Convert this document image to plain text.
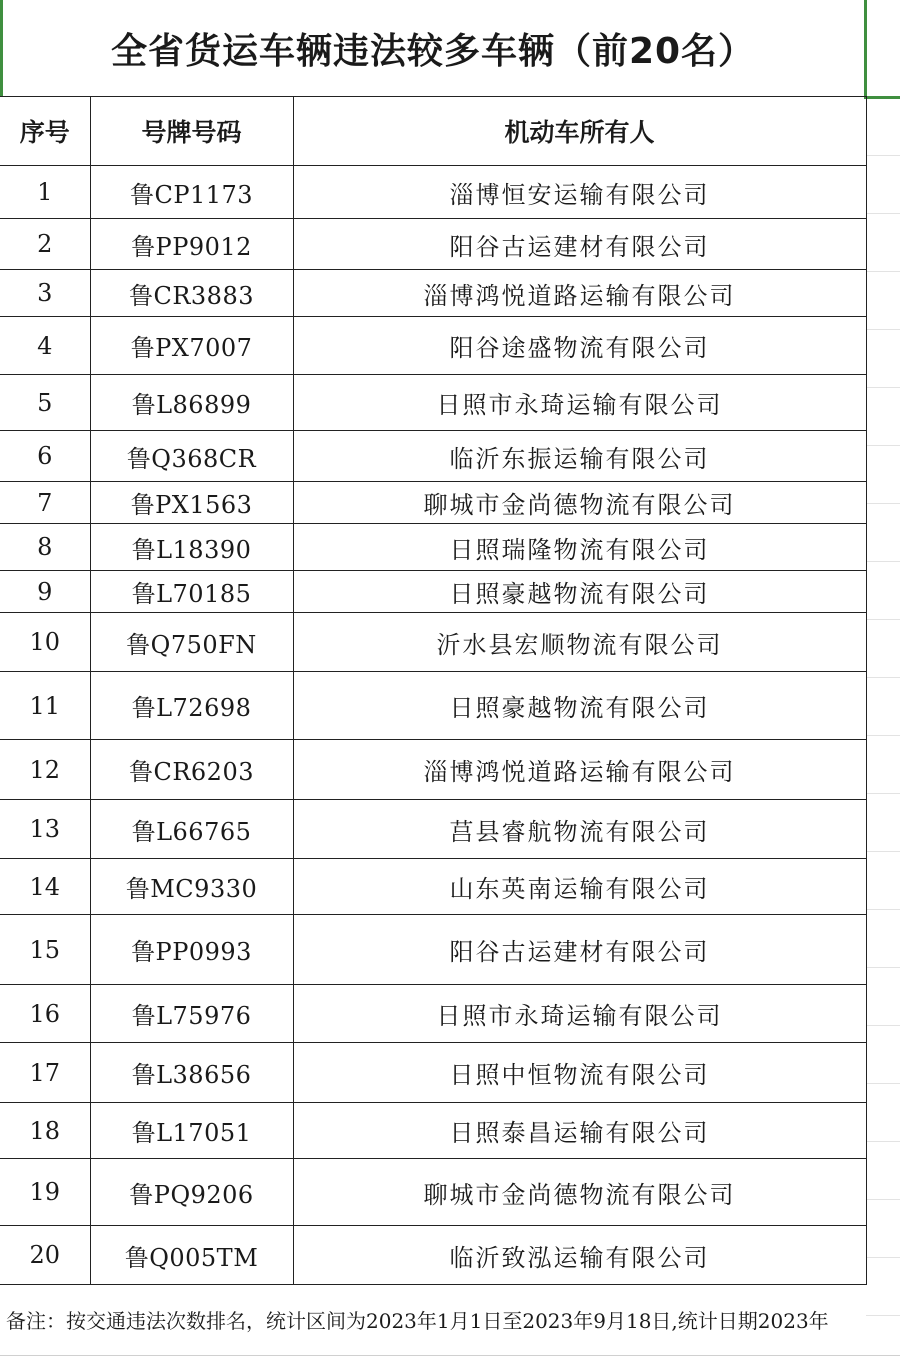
全省货运车辆违法较多车辆（前20名）
序号	号牌号码	机动车所有人
1	鲁CP1173	淄博恒安运输有限公司
2	鲁PP9012	阳谷古运建材有限公司
3	鲁CR3883	淄博鸿悦道路运输有限公司
4	鲁PX7007	阳谷途盛物流有限公司
5	鲁L86899	日照市永琦运输有限公司
6	鲁Q368CR	临沂东振运输有限公司
7	鲁PX1563	聊城市金尚德物流有限公司
8	鲁L18390	日照瑞隆物流有限公司
9	鲁L70185	日照豪越物流有限公司
10	鲁Q750FN	沂水县宏顺物流有限公司
11	鲁L72698	日照豪越物流有限公司
12	鲁CR6203	淄博鸿悦道路运输有限公司
13	鲁L66765	莒县睿航物流有限公司
14	鲁MC9330	山东英南运输有限公司
15	鲁PP0993	阳谷古运建材有限公司
16	鲁L75976	日照市永琦运输有限公司
17	鲁L38656	日照中恒物流有限公司
18	鲁L17051	日照泰昌运输有限公司
19	鲁PQ9206	聊城市金尚德物流有限公司
20	鲁Q005TM	临沂致泓运输有限公司
备注：按交通违法次数排名，统计区间为2023年1月1日至2023年9月18日,统计日期2023年
